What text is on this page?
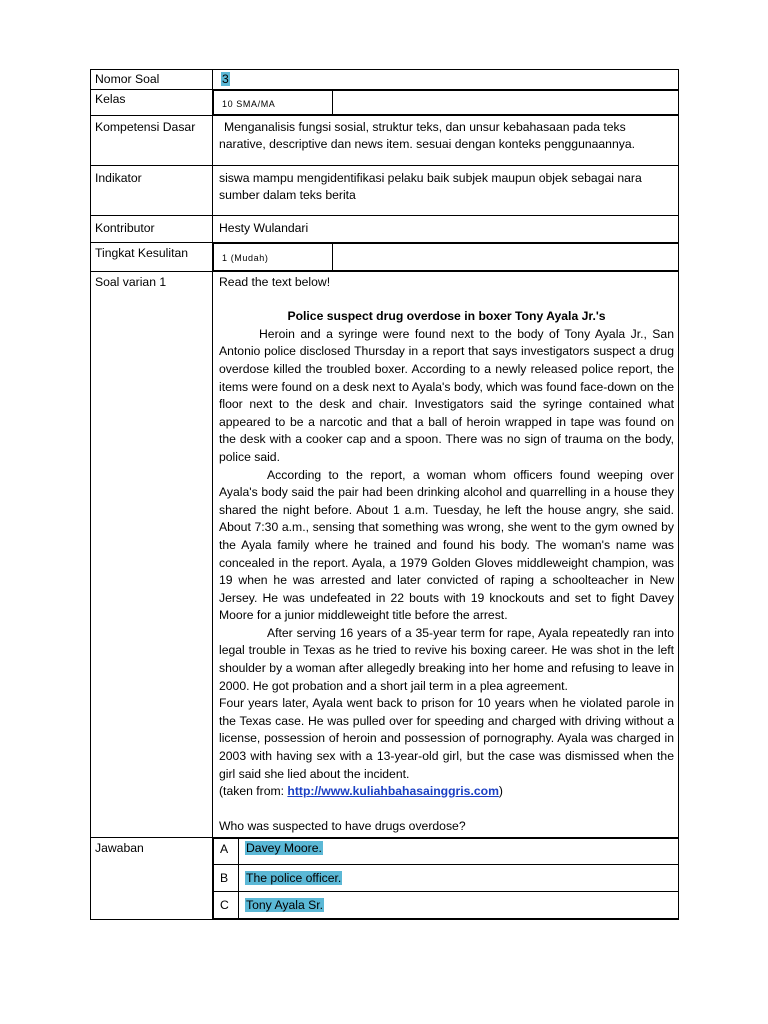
Nomor Soal	3
Kelas		10 SMA/MA	

Kompetensi Dasar	Menganalisis fungsi sosial, struktur teks, dan unsur kebahasaan pada teks narative, descriptive dan news item. sesuai dengan konteks penggunaannya.

Indikator	siswa mampu mengidentifikasi pelaku baik subjek maupun objek sebagai nara sumber dalam teks berita

Kontributor	Hesty Wulandari
Tingkat Kesulitan		1 (Mudah)	

Soal varian 1	Read the text below!

Police suspect drug overdose in boxer Tony Ayala Jr.'s

Heroin and a syringe were found next to the body of Tony Ayala Jr., San Antonio police disclosed Thursday in a report that says investigators suspect a drug overdose killed the troubled boxer. According to a newly released police report, the items were found on a desk next to Ayala's body, which was found face-down on the floor next to the desk and chair. Investigators said the syringe contained what appeared to be a narcotic and that a ball of heroin wrapped in tape was found on the desk with a cooker cap and a spoon. There was no sign of trauma on the body, police said.

According to the report, a woman whom officers found weeping over Ayala's body said the pair had been drinking alcohol and quarrelling in a house they shared the night before. About 1 a.m. Tuesday, he left the house angry, she said. About 7:30 a.m., sensing that something was wrong, she went to the gym owned by the Ayala family where he trained and found his body. The woman's name was concealed in the report. Ayala, a 1979 Golden Gloves middleweight champion, was 19 when he was arrested and later convicted of raping a schoolteacher in New Jersey. He was undefeated in 22 bouts with 19 knockouts and set to fight Davey Moore for a junior middleweight title before the arrest.

After serving 16 years of a 35-year term for rape, Ayala repeatedly ran into legal trouble in Texas as he tried to revive his boxing career. He was shot in the left shoulder by a woman after allegedly breaking into her home and refusing to leave in 2000. He got probation and a short jail term in a plea agreement.

Four years later, Ayala went back to prison for 10 years when he violated parole in the Texas case. He was pulled over for speeding and charged with driving without a license, possession of heroin and possession of pornography. Ayala was charged in 2003 with having sex with a 13-year-old girl, but the case was dismissed when the girl said she lied about the incident.

(taken from: http://www.kuliahbahasainggris.com)

Who was suspected to have drugs overdose?

Jawaban		A	Davey Moore.
B	The police officer.
C	Tony Ayala Sr.
